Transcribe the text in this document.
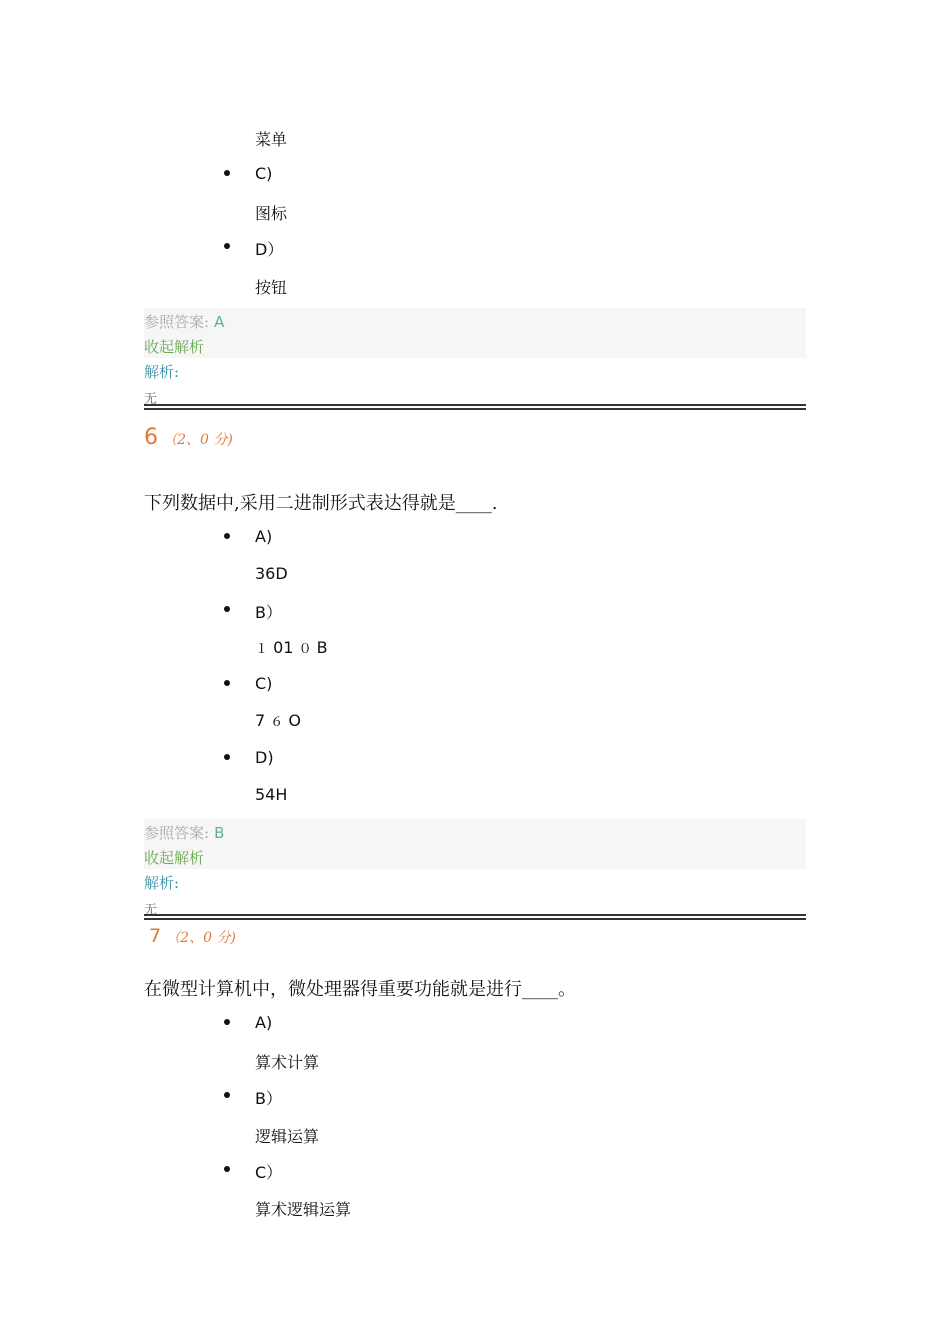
菜单
C)
图标
D）
按钮
参照答案: A
收起解析
解析:
无
6 （2、0 分)
下列数据中,采用二进制形式表达得就是____.
A)
36D
B）
１ 01 ０ B
C)
7 ６ O
D)
54H
参照答案: B
收起解析
解析:
无
7 （2、0 分)
在微型计算机中，微处理器得重要功能就是进行____。
A)
算术计算
B）
逻辑运算
C）
算术逻辑运算
